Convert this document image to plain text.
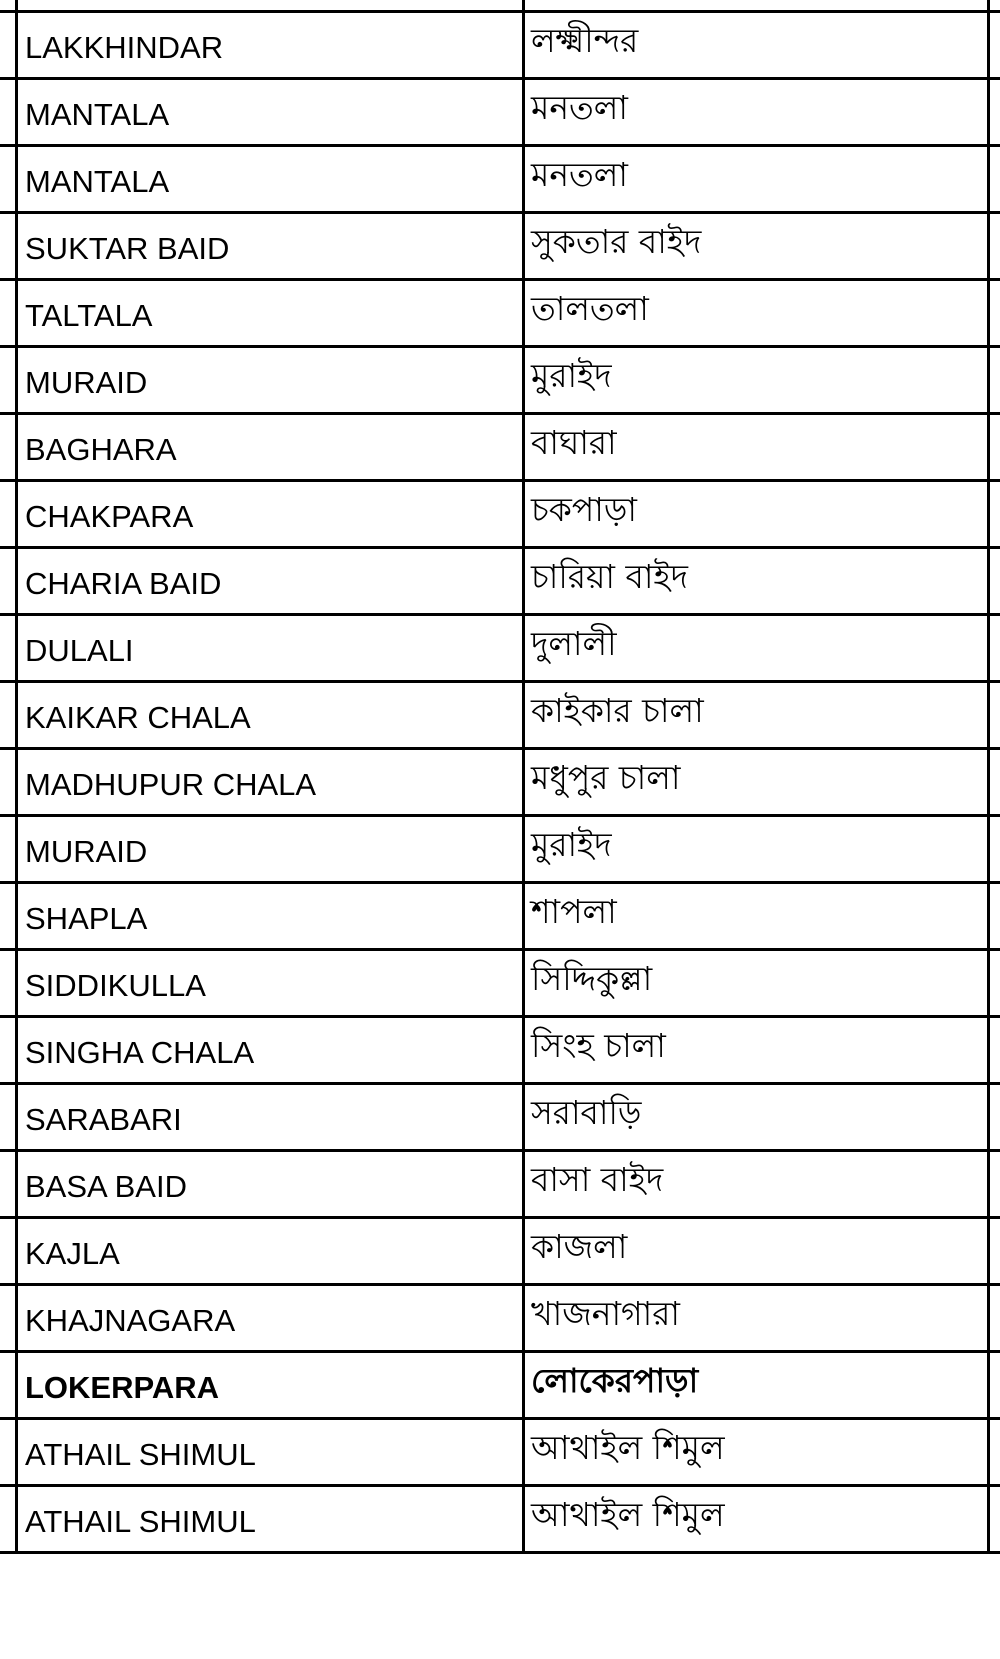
LAKKHINDAR	লক্ষ্মীন্দর
MANTALA	মনতলা
MANTALA	মনতলা
SUKTAR BAID	সুকতার বাইদ
TALTALA	তালতলা
MURAID	মুরাইদ
BAGHARA	বাঘারা
CHAKPARA	চকপাড়া
CHARIA BAID	চারিয়া বাইদ
DULALI	দুলালী
KAIKAR CHALA	কাইকার চালা
MADHUPUR CHALA	মধুপুর চালা
MURAID	মুরাইদ
SHAPLA	শাপলা
SIDDIKULLA	সিদ্দিকুল্লা
SINGHA CHALA	সিংহ চালা
SARABARI	সরাবাড়ি
BASA BAID	বাসা বাইদ
KAJLA	কাজলা
KHAJNAGARA	খাজনাগারা
LOKERPARA	লোকেরপাড়া
ATHAIL SHIMUL	আথাইল শিমুল
ATHAIL SHIMUL	আথাইল শিমুল
